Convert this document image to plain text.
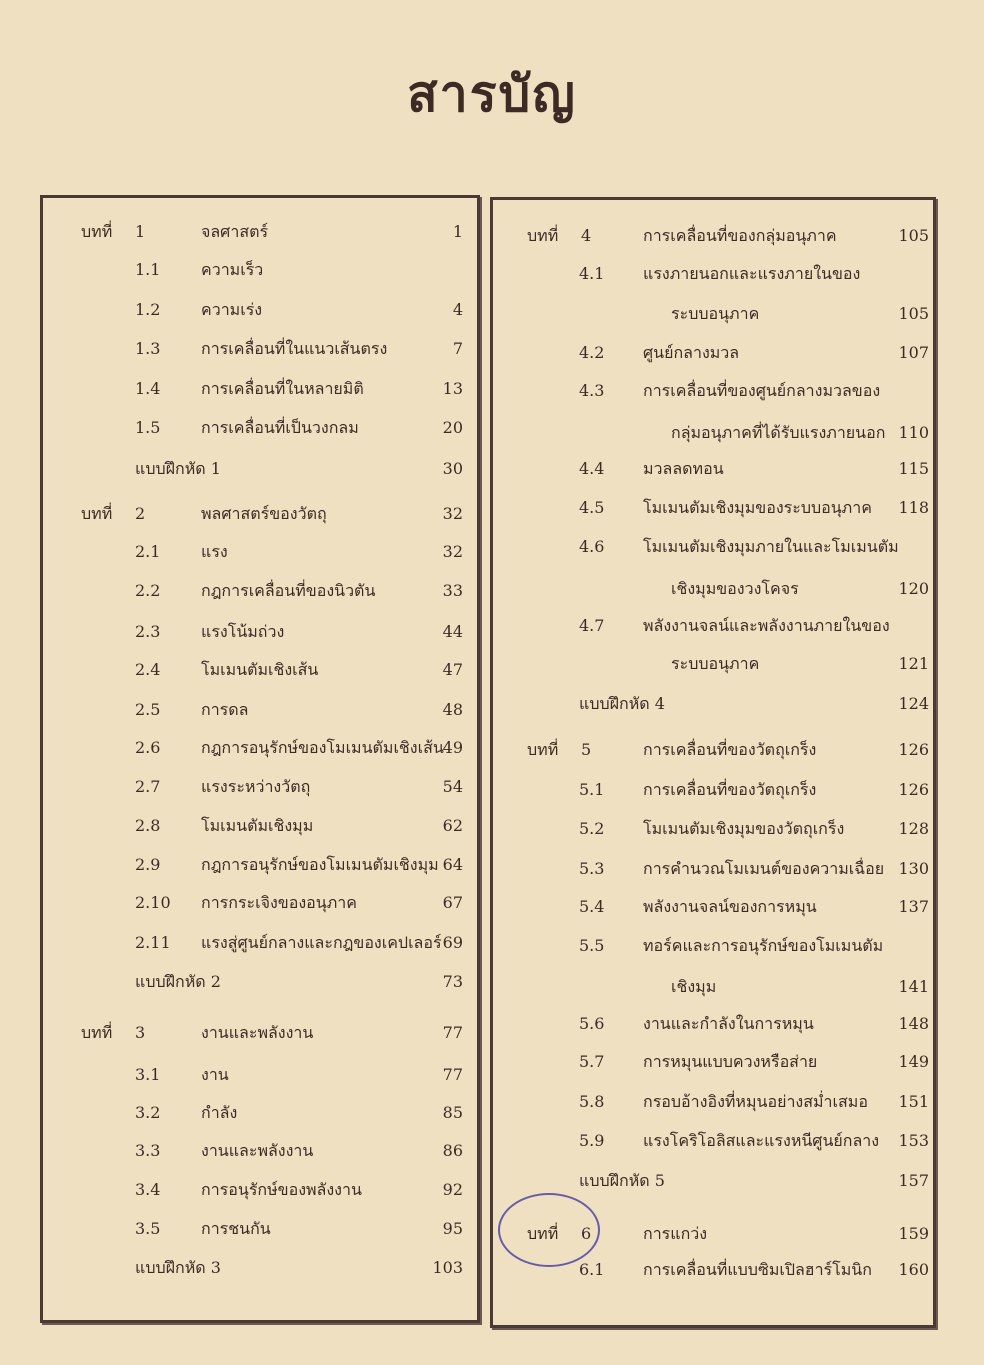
สารบัญ
บทที่ 1	จลศาสตร์	1
1.1	ความเร็ว
1.2	ความเร่ง	4
1.3	การเคลื่อนที่ในแนวเส้นตรง	7
1.4	การเคลื่อนที่ในหลายมิติ	13
1.5	การเคลื่อนที่เป็นวงกลม	20
แบบฝึกหัด 1	30
บทที่ 2	พลศาสตร์ของวัตถุ	32
2.1	แรง	32
2.2	กฎการเคลื่อนที่ของนิวตัน	33
2.3	แรงโน้มถ่วง	44
2.4	โมเมนตัมเชิงเส้น	47
2.5	การดล	48
2.6	กฎการอนุรักษ์ของโมเมนตัมเชิงเส้น
49
2.7	แรงระหว่างวัตถุ	54
2.8	โมเมนตัมเชิงมุม	62
2.9	กฎการอนุรักษ์ของโมเมนตัมเชิงมุม 64
2.10 การกระเจิงของอนุภาค	67
2.11 แรงสู่ศูนย์กลางและกฎของเคปเลอร์ 69
แบบฝึกหัด 2	73
บทที่ 3	งานและพลังงาน	77
3.1	งาน	77
3.2	กำลัง	85
3.3	งานและพลังงาน	86
3.4	การอนุรักษ์ของพลังงาน	92
3.5	การชนกัน	95
แบบฝึกหัด 3	103
บทที่ 4	การเคลื่อนที่ของกลุ่มอนุภาค	105
4.1 แรงภายนอกและแรงภายในของ
ระบบอนุภาค	105
4.2 ศูนย์กลางมวล	107
4.3 การเคลื่อนที่ของศูนย์กลางมวลของ
กลุ่มอนุภาคที่ได้รับแรงภายนอก 110
4.4 มวลลดทอน	115
4.5 โมเมนตัมเชิงมุมของระบบอนุภาค 118
4.6 โมเมนตัมเชิงมุมภายในและโมเมนตัม
เชิงมุมของวงโคจร	120
4.7 พลังงานจลน์และพลังงานภายในของ
ระบบอนุภาค	121
แบบฝึกหัด 4	124
บทที่ 5	การเคลื่อนที่ของวัตถุเกร็ง	126
5.1 การเคลื่อนที่ของวัตถุเกร็ง	126
5.2 โมเมนตัมเชิงมุมของวัตถุเกร็ง	128
5.3 การคำนวณโมเมนต์ของความเฉื่อย 130
5.4 พลังงานจลน์ของการหมุน	137
5.5 ทอร์คและการอนุรักษ์ของโมเมนตัม
เชิงมุม	141
5.6 งานและกำลังในการหมุน	148
5.7 การหมุนแบบควงหรือส่าย	149
5.8 กรอบอ้างอิงที่หมุนอย่างสม่ำเสมอ 151
5.9 แรงโคริโอลิสและแรงหนีศูนย์กลาง 153
แบบฝึกหัด 5	157
บทที่ 6	การแกว่ง	159
6.1 การเคลื่อนที่แบบซิมเปิลฮาร์โมนิก 160
